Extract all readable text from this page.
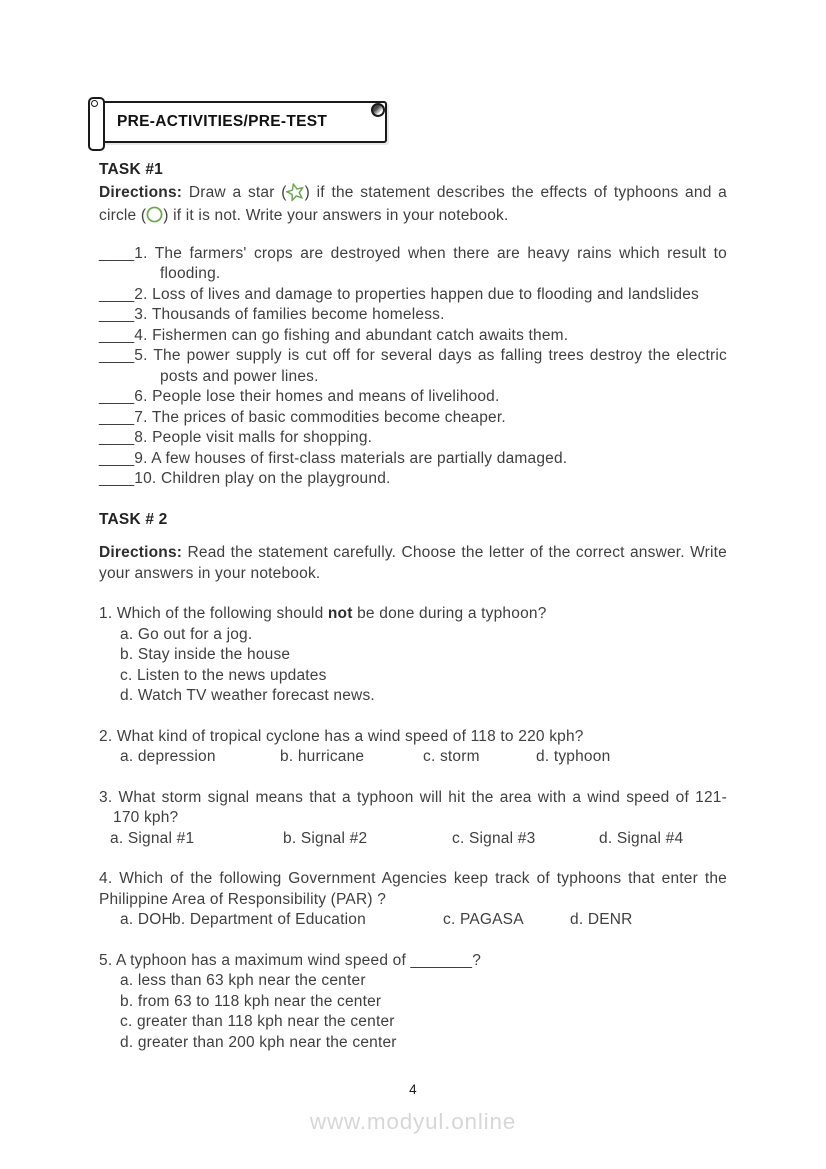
PRE-ACTIVITIES/PRE-TEST
TASK #1

Directions: Draw a star ( ) if the statement describes the effects of typhoons and a circle ( ) if it is not. Write your answers in your notebook.

____1. The farmers' crops are destroyed when there are heavy rains which result to flooding.
____2. Loss of lives and damage to properties happen due to flooding and landslides
____3. Thousands of families become homeless.
____4. Fishermen can go fishing and abundant catch awaits them.
____5. The power supply is cut off for several days as falling trees destroy the electric posts and power lines.
____6. People lose their homes and means of livelihood.
____7. The prices of basic commodities become cheaper.
____8. People visit malls for shopping.
____9. A few houses of first-class materials are partially damaged.
____10. Children play on the playground.
TASK # 2

Directions: Read the statement carefully. Choose the letter of the correct answer. Write your answers in your notebook.

1. Which of the following should not be done during a typhoon?

a. Go out for a jog.
b. Stay inside the house
c. Listen to the news updates
d. Watch TV weather forecast news.

2. What kind of tropical cyclone has a wind speed of 118 to 220 kph?

a. depression	b. hurricane	c. storm	d. typhoon

3. What storm signal means that a typhoon will hit the area with a wind speed of 121- 170 kph?

a. Signal #1	b. Signal #2	c. Signal #3	d. Signal #4

4. Which of the following Government Agencies keep track of typhoons that enter the Philippine Area of Responsibility (PAR) ?

a. DOH b. Department of Education	c. PAGASA	d. DENR

5. A typhoon has a maximum wind speed of _______?

a. less than 63 kph near the center
b. from 63 to 118 kph near the center
c. greater than 118 kph near the center
d. greater than 200 kph near the center
4
www.modyul.online
